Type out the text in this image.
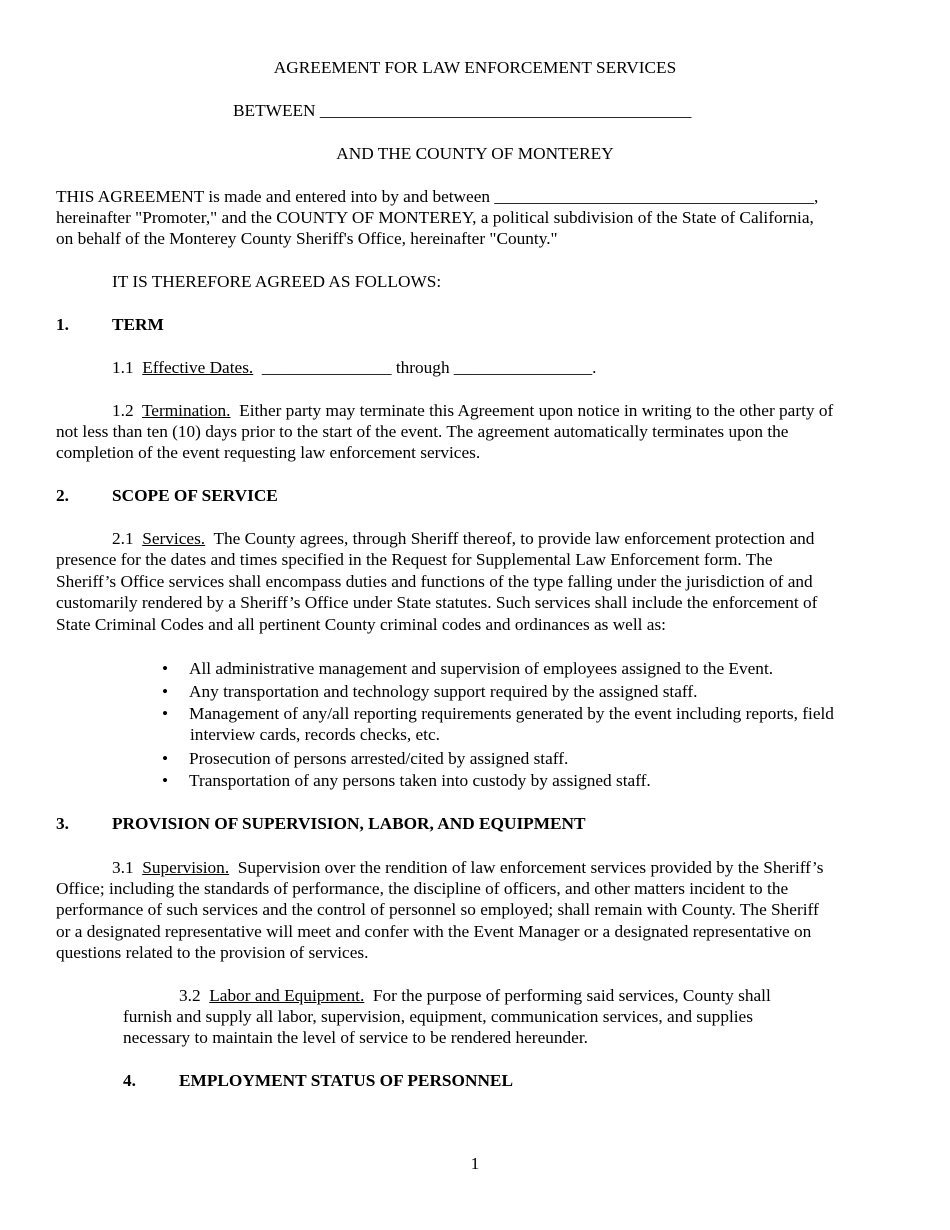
AGREEMENT FOR LAW ENFORCEMENT SERVICES
BETWEEN ___________________________________________
AND THE COUNTY OF MONTEREY
THIS AGREEMENT is made and entered into by and between _____________________________________,
hereinafter "Promoter," and the COUNTY OF MONTEREY, a political subdivision of the State of California,
on behalf of the Monterey County Sheriff's Office, hereinafter "County."
IT IS THEREFORE AGREED AS FOLLOWS:
1. TERM
1.1 Effective Dates. _______________ through ________________.
1.2 Termination. Either party may terminate this Agreement upon notice in writing to the other party of
not less than ten (10) days prior to the start of the event. The agreement automatically terminates upon the
completion of the event requesting law enforcement services.
2. SCOPE OF SERVICE
2.1 Services. The County agrees, through Sheriff thereof, to provide law enforcement protection and
presence for the dates and times specified in the Request for Supplemental Law Enforcement form. The
Sheriff’s Office services shall encompass duties and functions of the type falling under the jurisdiction of and
customarily rendered by a Sheriff’s Office under State statutes. Such services shall include the enforcement of
State Criminal Codes and all pertinent County criminal codes and ordinances as well as:
• All administrative management and supervision of employees assigned to the Event.
• Any transportation and technology support required by the assigned staff.
• Management of any/all reporting requirements generated by the event including reports, field
interview cards, records checks, etc.
• Prosecution of persons arrested/cited by assigned staff.
• Transportation of any persons taken into custody by assigned staff.
3. PROVISION OF SUPERVISION, LABOR, AND EQUIPMENT
3.1 Supervision. Supervision over the rendition of law enforcement services provided by the Sheriff’s
Office; including the standards of performance, the discipline of officers, and other matters incident to the
performance of such services and the control of personnel so employed; shall remain with County. The Sheriff
or a designated representative will meet and confer with the Event Manager or a designated representative on
questions related to the provision of services.
3.2 Labor and Equipment. For the purpose of performing said services, County shall
furnish and supply all labor, supervision, equipment, communication services, and supplies
necessary to maintain the level of service to be rendered hereunder.
4. EMPLOYMENT STATUS OF PERSONNEL
1
